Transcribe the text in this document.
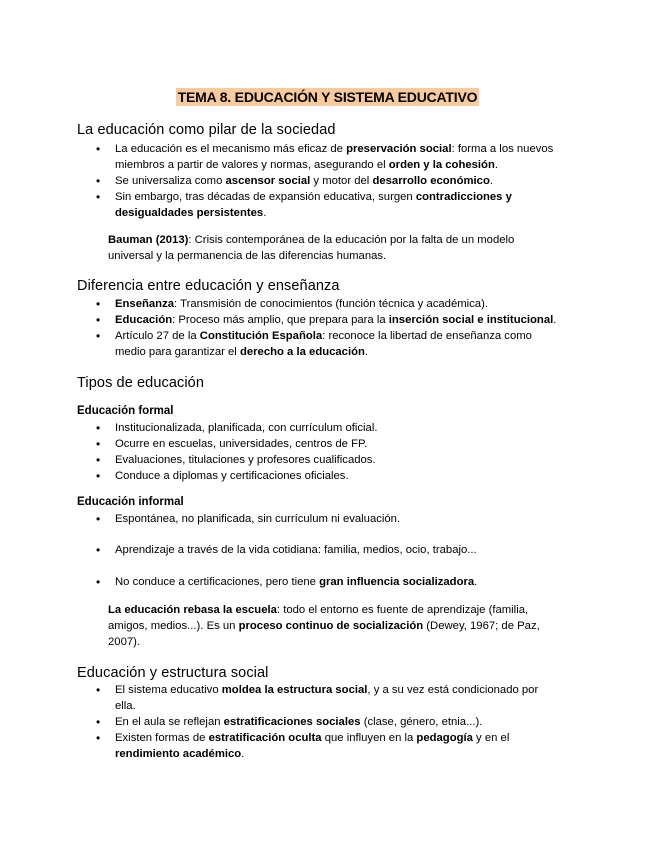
TEMA 8. EDUCACIÓN Y SISTEMA EDUCATIVO
La educación como pilar de la sociedad
• La educación es el mecanismo más eficaz de preservación social: forma a los nuevos miembros a partir de valores y normas, asegurando el orden y la cohesión.
• Se universaliza como ascensor social y motor del desarrollo económico.
• Sin embargo, tras décadas de expansión educativa, surgen contradicciones y desigualdades persistentes.

Bauman (2013): Crisis contemporánea de la educación por la falta de un modelo universal y la permanencia de las diferencias humanas.

Diferencia entre educación y enseñanza
• Enseñanza: Transmisión de conocimientos (función técnica y académica).
• Educación: Proceso más amplio, que prepara para la inserción social e institucional.
• Artículo 27 de la Constitución Española: reconoce la libertad de enseñanza como medio para garantizar el derecho a la educación.
Tipos de educación
Educación formal
• Institucionalizada, planificada, con currículum oficial.
• Ocurre en escuelas, universidades, centros de FP.
• Evaluaciones, titulaciones y profesores cualificados.
• Conduce a diplomas y certificaciones oficiales.
Educación informal
• Espontánea, no planificada, sin currículum ni evaluación.
• Aprendizaje a través de la vida cotidiana: familia, medios, ocio, trabajo...
• No conduce a certificaciones, pero tiene gran influencia socializadora.

La educación rebasa la escuela: todo el entorno es fuente de aprendizaje (familia, amigos, medios...). Es un proceso continuo de socialización (Dewey, 1967; de Paz, 2007).

Educación y estructura social
• El sistema educativo moldea la estructura social, y a su vez está condicionado por ella.
• En el aula se reflejan estratificaciones sociales (clase, género, etnia...).
• Existen formas de estratificación oculta que influyen en la pedagogía y en el rendimiento académico.
